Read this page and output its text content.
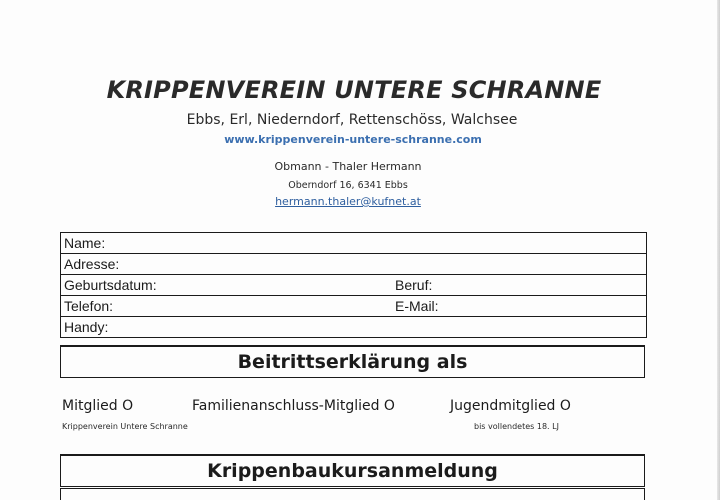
KRIPPENVEREIN UNTERE SCHRANNE
Ebbs, Erl, Niederndorf, Rettenschöss, Walchsee
www.krippenverein-untere-schranne.com
Obmann - Thaler Hermann
Oberndorf 16, 6341 Ebbs
hermann.thaler@kufnet.at
Name:
Adresse:
Geburtsdatum:	Beruf:
Telefon:	E-Mail:
Handy:
Beitrittserklärung als
Mitglied O	Familienanschluss-Mitglied O	Jugendmitglied O
Krippenverein Untere Schranne	bis vollendetes 18. LJ
Krippenbaukursanmeldung
